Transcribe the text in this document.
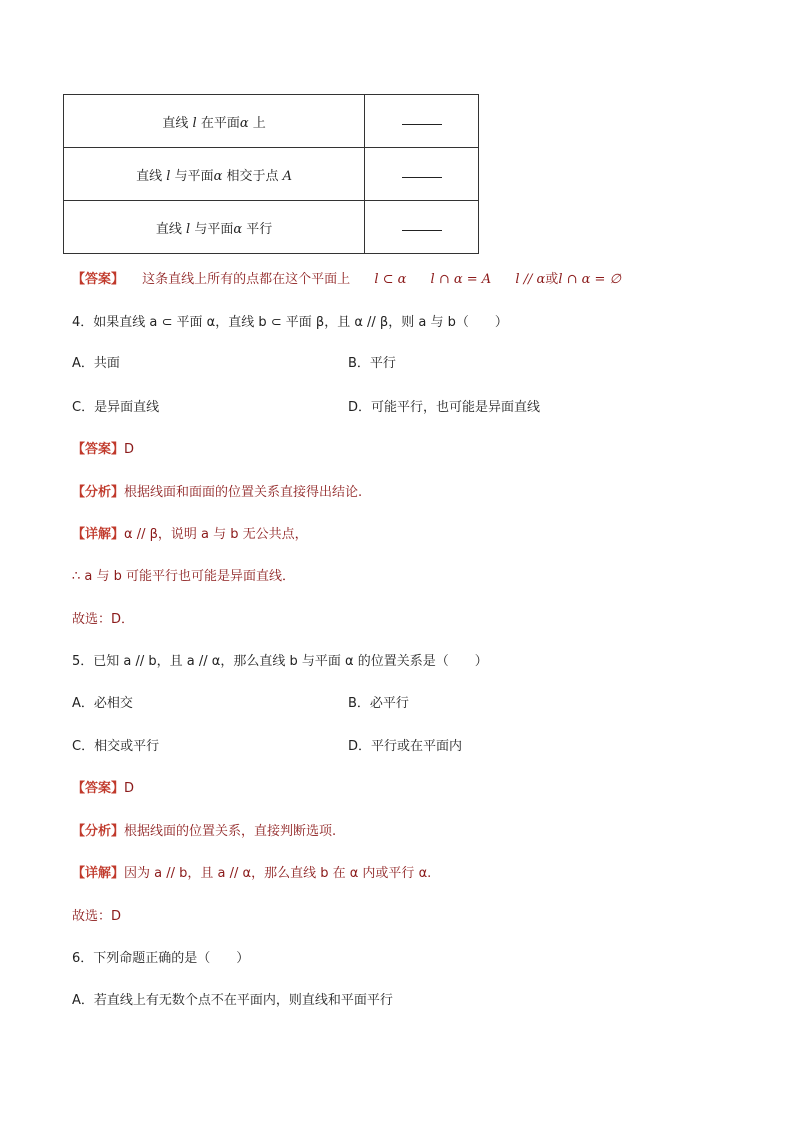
直线 l 在平面α 上	
直线 l 与平面α 相交于点 A	
直线 l 与平面α 平行	
【答案】 这条直线上所有的点都在这个平面上 l ⊂ α l ∩ α = A l // α或l ∩ α = ∅
4．如果直线 a ⊂ 平面 α，直线 b ⊂ 平面 β，且 α // β，则 a 与 b（　　）
A．共面	B．平行
C．是异面直线	D．可能平行，也可能是异面直线
【答案】D
【分析】根据线面和面面的位置关系直接得出结论.
【详解】α // β，说明 a 与 b 无公共点，
∴ a 与 b 可能平行也可能是异面直线．
故选：D．
5．已知 a // b，且 a // α，那么直线 b 与平面 α 的位置关系是（　　）
A．必相交	B．必平行
C．相交或平行	D．平行或在平面内
【答案】D
【分析】根据线面的位置关系，直接判断选项.
【详解】因为 a // b，且 a // α，那么直线 b 在 α 内或平行 α.
故选：D
6．下列命题正确的是（　　）
A．若直线上有无数个点不在平面内，则直线和平面平行
